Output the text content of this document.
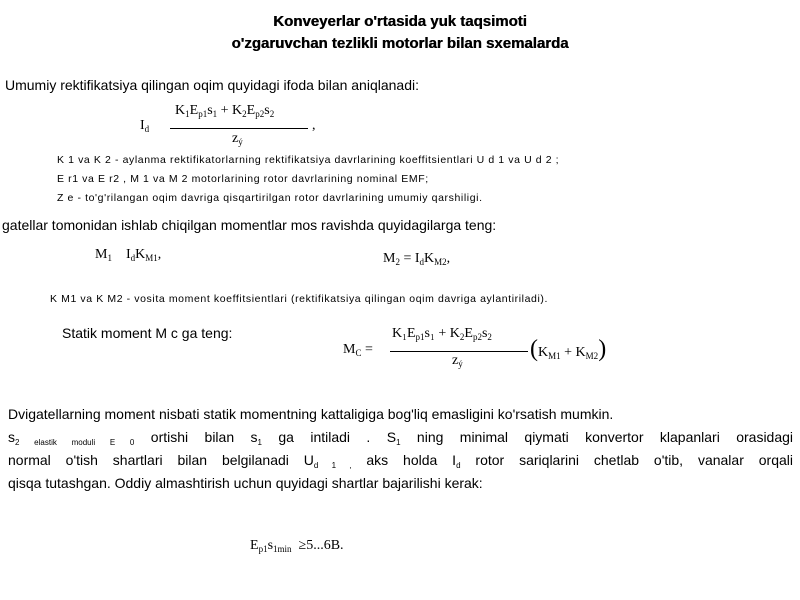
Konveyerlar o'rtasida yuk taqsimoti
o'zgaruvchan tezlikli motorlar bilan sxemalarda
Umumiy rektifikatsiya qilingan oqim quyidagi ifoda bilan aniqlanadi:
$I_d$
$K_1E_{p1}s_1 + K_2E_{p2}s_2$
$z_ý$
,
K 1 va K 2 - aylanma rektifikatorlarning rektifikatsiya davrlarining koeffitsientlari U d 1 va U d 2 ;
E r1 va E r2 , M 1 va M 2 motorlarining rotor davrlarining nominal EMF;
Z e - to'g'rilangan oqim davriga qisqartirilgan rotor davrlarining umumiy qarshiligi.
gatellar tomonidan ishlab chiqilgan momentlar mos ravishda quyidagilarga teng:
$M_1$ $I_dK_{M1}$,	$M_2 = I_dK_{M2}$,
K M1 va K M2 - vosita moment koeffitsientlari (rektifikatsiya qilingan oqim davriga aylantiriladi).
Statik moment M c ga teng:
$M_C$ =
$K_1E_{p1}s_1 + K_2E_{p2}s_2$
$z_ý$
$(K_{M1} + K_{M2})$
Dvigatellarning moment nisbati statik momentning kattaligiga bog'liq emasligini ko'rsatish mumkin.
$s_{2 elastik moduli E 0}$ ortishi bilan $s_1$ ga intiladi . $S_1$ ning minimal qiymati konvertor klapanlari orasidagi
normal o'tish shartlari bilan belgilanadi $U_{d 1 ,}$ aks holda $I_d$ rotor sariqlarini chetlab o'tib, vanalar orqali
qisqa tutashgan. Oddiy almashtirish uchun quyidagi shartlar bajarilishi kerak:
$E_{p1}s_{1min} \ge 5...6B$.
